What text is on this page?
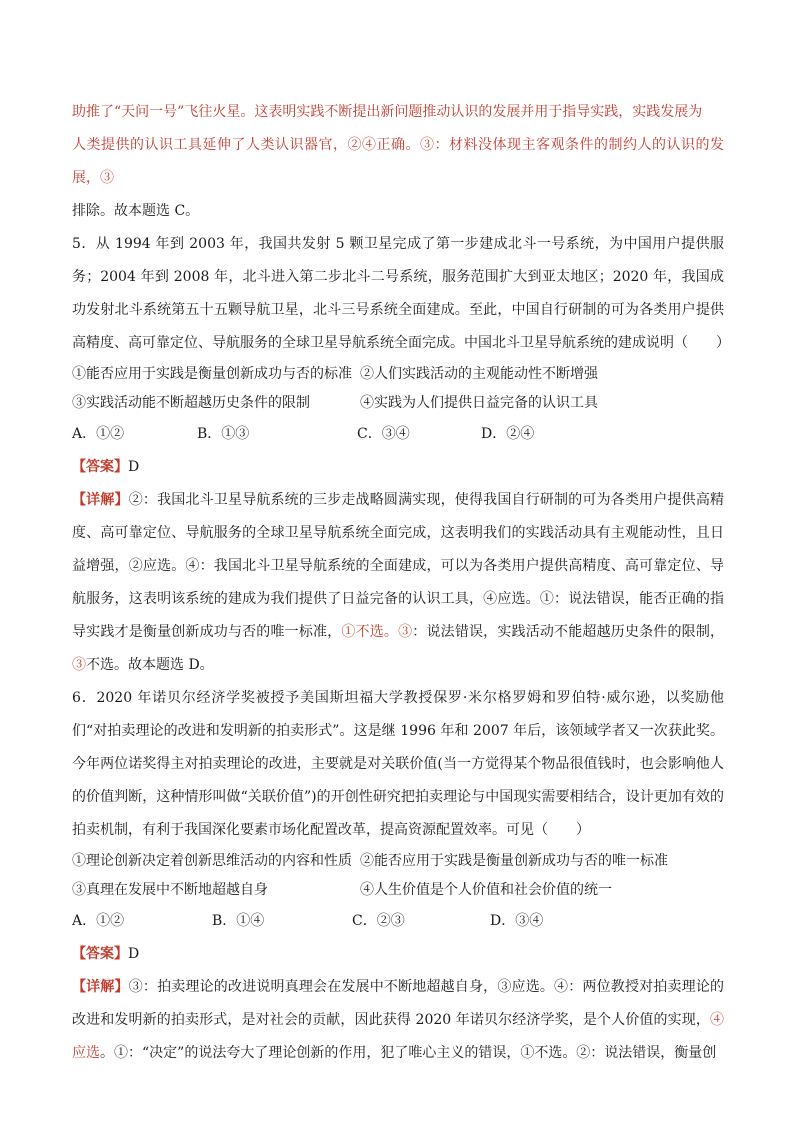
助推了“天问一号”飞往火星。这表明实践不断提出新问题推动认识的发展并用于指导实践，实践发展为

人类提供的认识工具延伸了人类认识器官，②④正确。③：材料没体现主客观条件的制约人的认识的发展，③

排除。故本题选 C。

5．从 1994 年到 2003 年，我国共发射 5 颗卫星完成了第一步建成北斗一号系统，为中国用户提供服务；2004 年到 2008 年，北斗进入第二步北斗二号系统，服务范围扩大到亚太地区；2020 年，我国成功发射北斗系统第五十五颗导航卫星，北斗三号系统全面建成。至此，中国自行研制的可为各类用户提供高精度、高可靠定位、导航服务的全球卫星导航系统全面完成。中国北斗卫星导航系统的建成说明（　　）

①能否应用于实践是衡量创新成功与否的标准 ②人们实践活动的主观能动性不断增强
③实践活动能不断超越历史条件的限制	④实践为人们提供日益完备的认识工具
A．①②	B．①③	C．③④	D．②④

【答案】D

【详解】②：我国北斗卫星导航系统的三步走战略圆满实现，使得我国自行研制的可为各类用户提供高精度、高可靠定位、导航服务的全球卫星导航系统全面完成，这表明我们的实践活动具有主观能动性，且日益增强，②应选。④：我国北斗卫星导航系统的全面建成，可以为各类用户提供高精度、高可靠定位、导航服务，这表明该系统的建成为我们提供了日益完备的认识工具，④应选。①：说法错误，能否正确的指导实践才是衡量创新成功与否的唯一标准，①不选。③：说法错误，实践活动不能超越历史条件的限制，③不选。故本题选 D。

6．2020 年诺贝尔经济学奖被授予美国斯坦福大学教授保罗·米尔格罗姆和罗伯特·威尔逊，以奖励他们“对拍卖理论的改进和发明新的拍卖形式”。这是继 1996 年和 2007 年后，该领域学者又一次获此奖。今年两位诺奖得主对拍卖理论的改进，主要就是对关联价值(当一方觉得某个物品很值钱时，也会影响他人的价值判断，这种情形叫做“关联价值”)的开创性研究把拍卖理论与中国现实需要相结合，设计更加有效的拍卖机制，有利于我国深化要素市场化配置改革，提高资源配置效率。可见（　　）

①理论创新决定着创新思维活动的内容和性质 ②能否应用于实践是衡量创新成功与否的唯一标准
③真理在发展中不断地超越自身	④人生价值是个人价值和社会价值的统一
A．①②	B．①④	C．②③	D．③④

【答案】D

【详解】③：拍卖理论的改进说明真理会在发展中不断地超越自身，③应选。④：两位教授对拍卖理论的改进和发明新的拍卖形式，是对社会的贡献，因此获得 2020 年诺贝尔经济学奖，是个人价值的实现，④应选。①：“决定”的说法夸大了理论创新的作用，犯了唯心主义的错误，①不选。②：说法错误，衡量创
